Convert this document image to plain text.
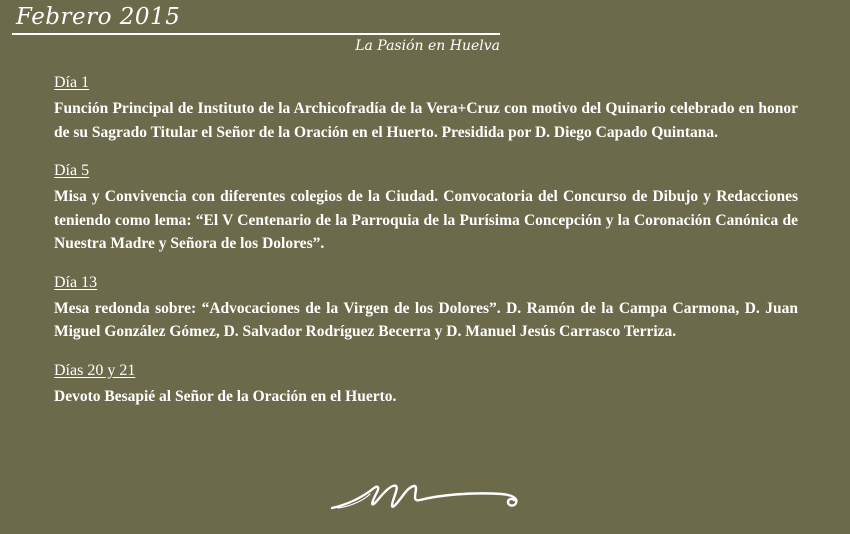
Febrero 2015
La Pasión en Huelva
Día 1
Función Principal de Instituto de la Archicofradía de la Vera+Cruz con motivo del Quinario celebrado en honor de su Sagrado Titular el Señor de la Oración en el Huerto. Presidida por D. Diego Capado Quintana.
Día 5
Misa y Convivencia con diferentes colegios de la Ciudad. Convocatoria del Concurso de Dibujo y Redacciones teniendo como lema: “El V Centenario de la Parroquia de la Purísima Concepción y la Coronación Canónica de Nuestra Madre y Señora de los Dolores”.
Día 13
Mesa redonda sobre: “Advocaciones de la Virgen de los Dolores”. D. Ramón de la Campa Carmona, D. Juan Miguel González Gómez, D. Salvador Rodríguez Becerra y D. Manuel Jesús Carrasco Terriza.
Días 20 y 21
Devoto Besapié al Señor de la Oración en el Huerto.
